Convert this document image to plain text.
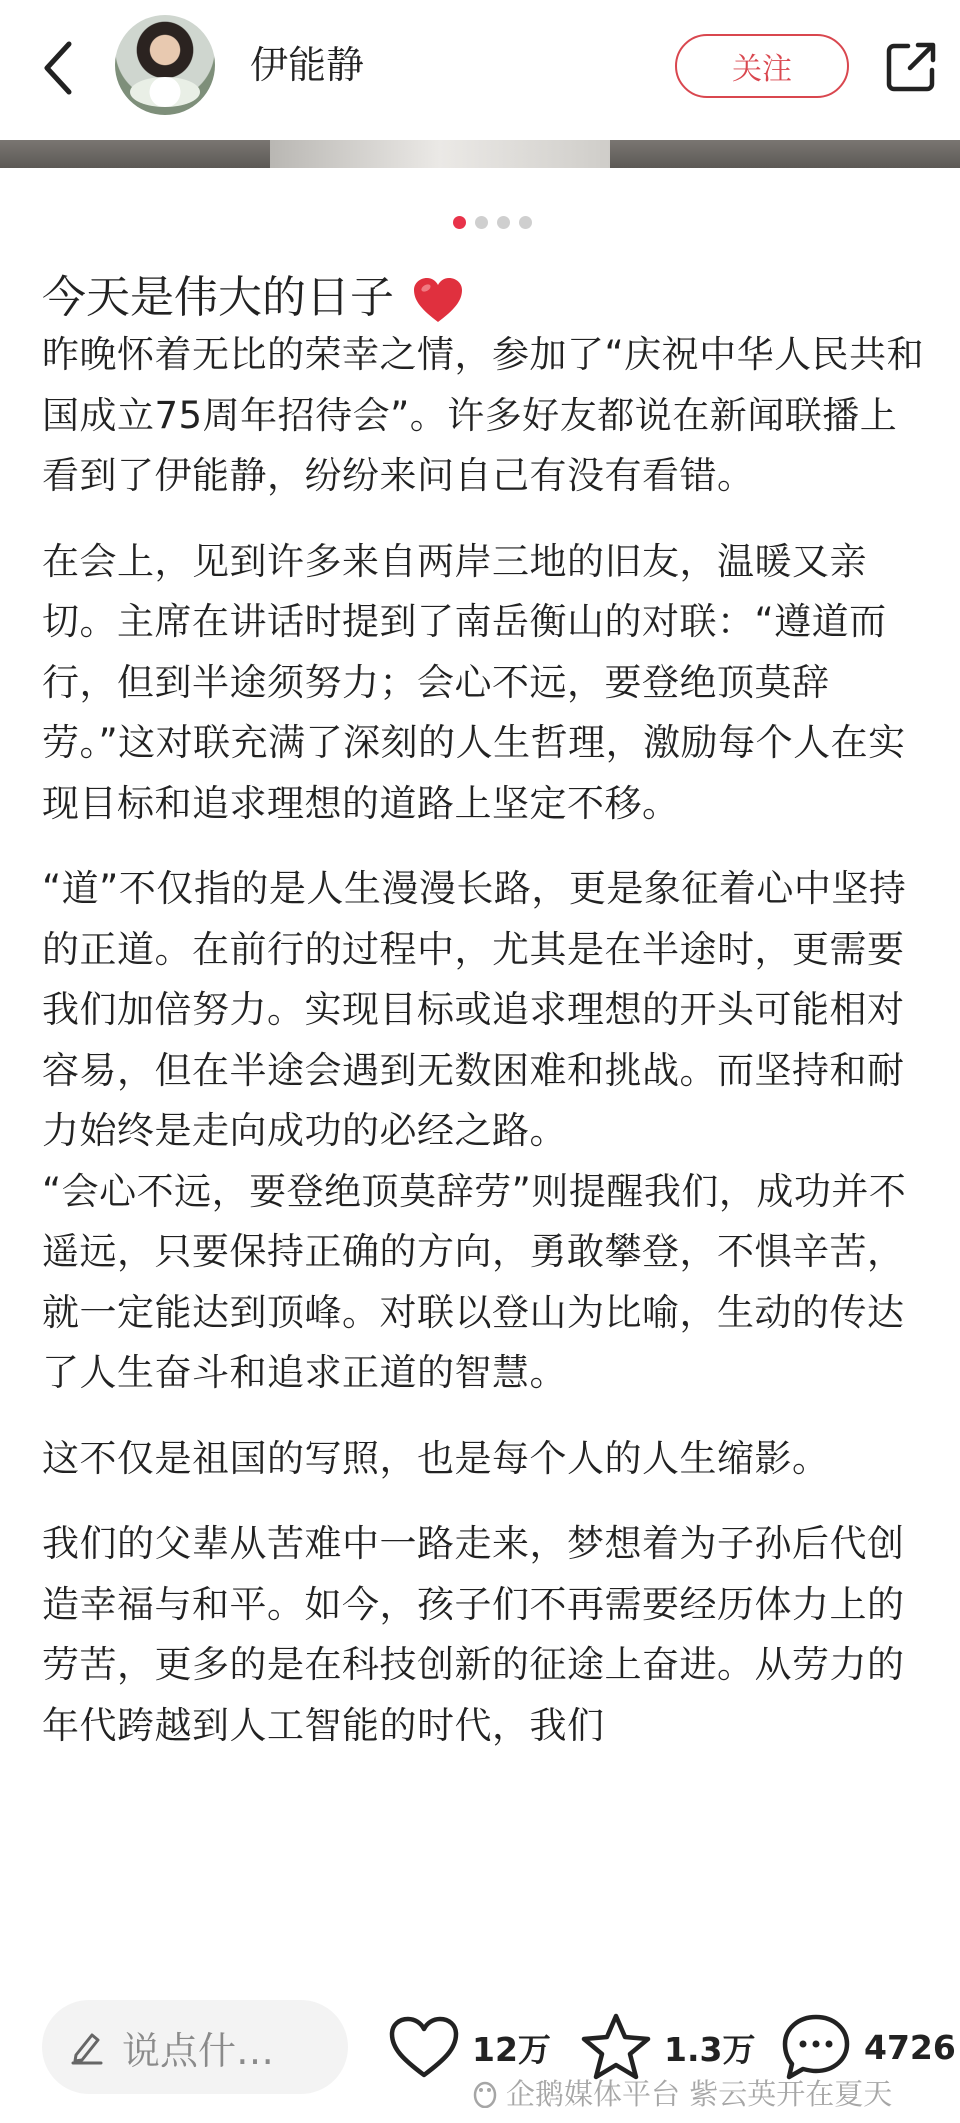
伊能静	关注
今天是伟大的日子

昨晚怀着无比的荣幸之情，参加了“庆祝中华人民共和国成立75周年招待会”。许多好友都说在新闻联播上看到了伊能静，纷纷来问自己有没有看错。

在会上，见到许多来自两岸三地的旧友，温暖又亲切。主席在讲话时提到了南岳衡山的对联：“遵道而行，但到半途须努力；会心不远，要登绝顶莫辞劳。”这对联充满了深刻的人生哲理，激励每个人在实现目标和追求理想的道路上坚定不移。

“道”不仅指的是人生漫漫长路，更是象征着心中坚持的正道。在前行的过程中，尤其是在半途时，更需要我们加倍努力。实现目标或追求理想的开头可能相对容易，但在半途会遇到无数困难和挑战。而坚持和耐力始终是走向成功的必经之路。

“会心不远，要登绝顶莫辞劳”则提醒我们，成功并不遥远，只要保持正确的方向，勇敢攀登，不惧辛苦，就一定能达到顶峰。对联以登山为比喻，生动的传达了人生奋斗和追求正道的智慧。

这不仅是祖国的写照，也是每个人的人生缩影。

我们的父辈从苦难中一路走来，梦想着为子孙后代创造幸福与和平。如今，孩子们不再需要经历体力上的劳苦，更多的是在科技创新的征途上奋进。从劳力的年代跨越到人工智能的时代，我们

说点什…	12万	1.3万	4726
企鹅媒体平台 紫云英开在夏天
